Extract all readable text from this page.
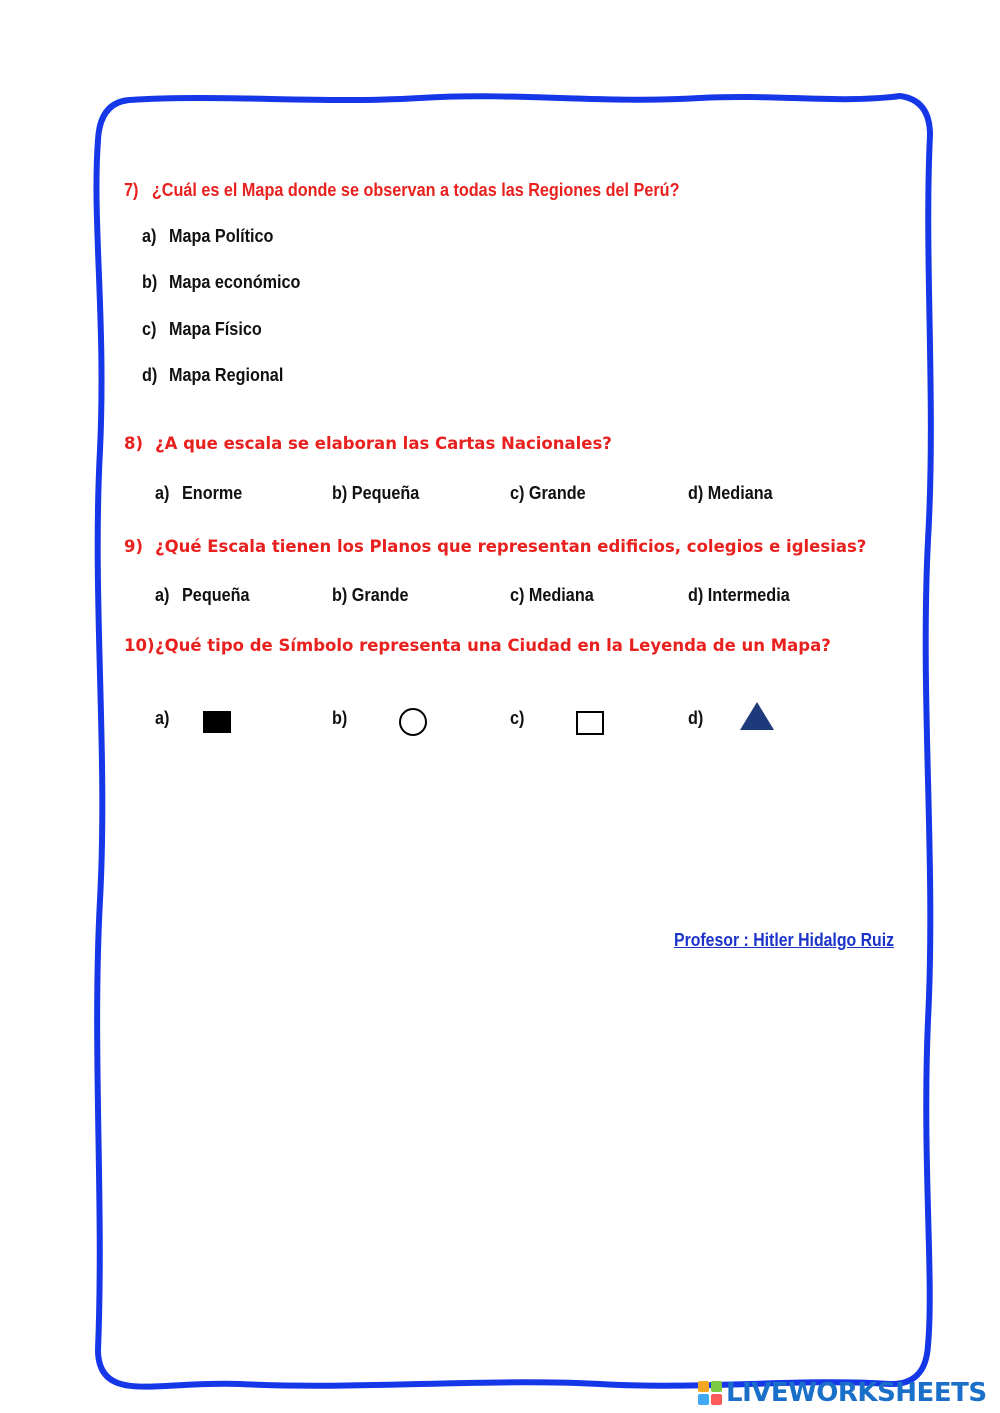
7) ¿Cuál es el Mapa donde se observan a todas las Regiones del Perú?
a) Mapa Político
b) Mapa económico
c) Mapa Físico
d) Mapa Regional
8) ¿A que escala se elaboran las Cartas Nacionales?
a) Enorme	b) Pequeña	c) Grande	d) Mediana
9) ¿Qué Escala tienen los Planos que representan edificios, colegios e iglesias?
a) Pequeña	b) Grande	c) Mediana	d) Intermedia
10)¿Qué tipo de Símbolo representa una Ciudad en la Leyenda de un Mapa?
a)	b)	c)	d)
Profesor : Hitler Hidalgo Ruiz
LIVEWORKSHEETS
